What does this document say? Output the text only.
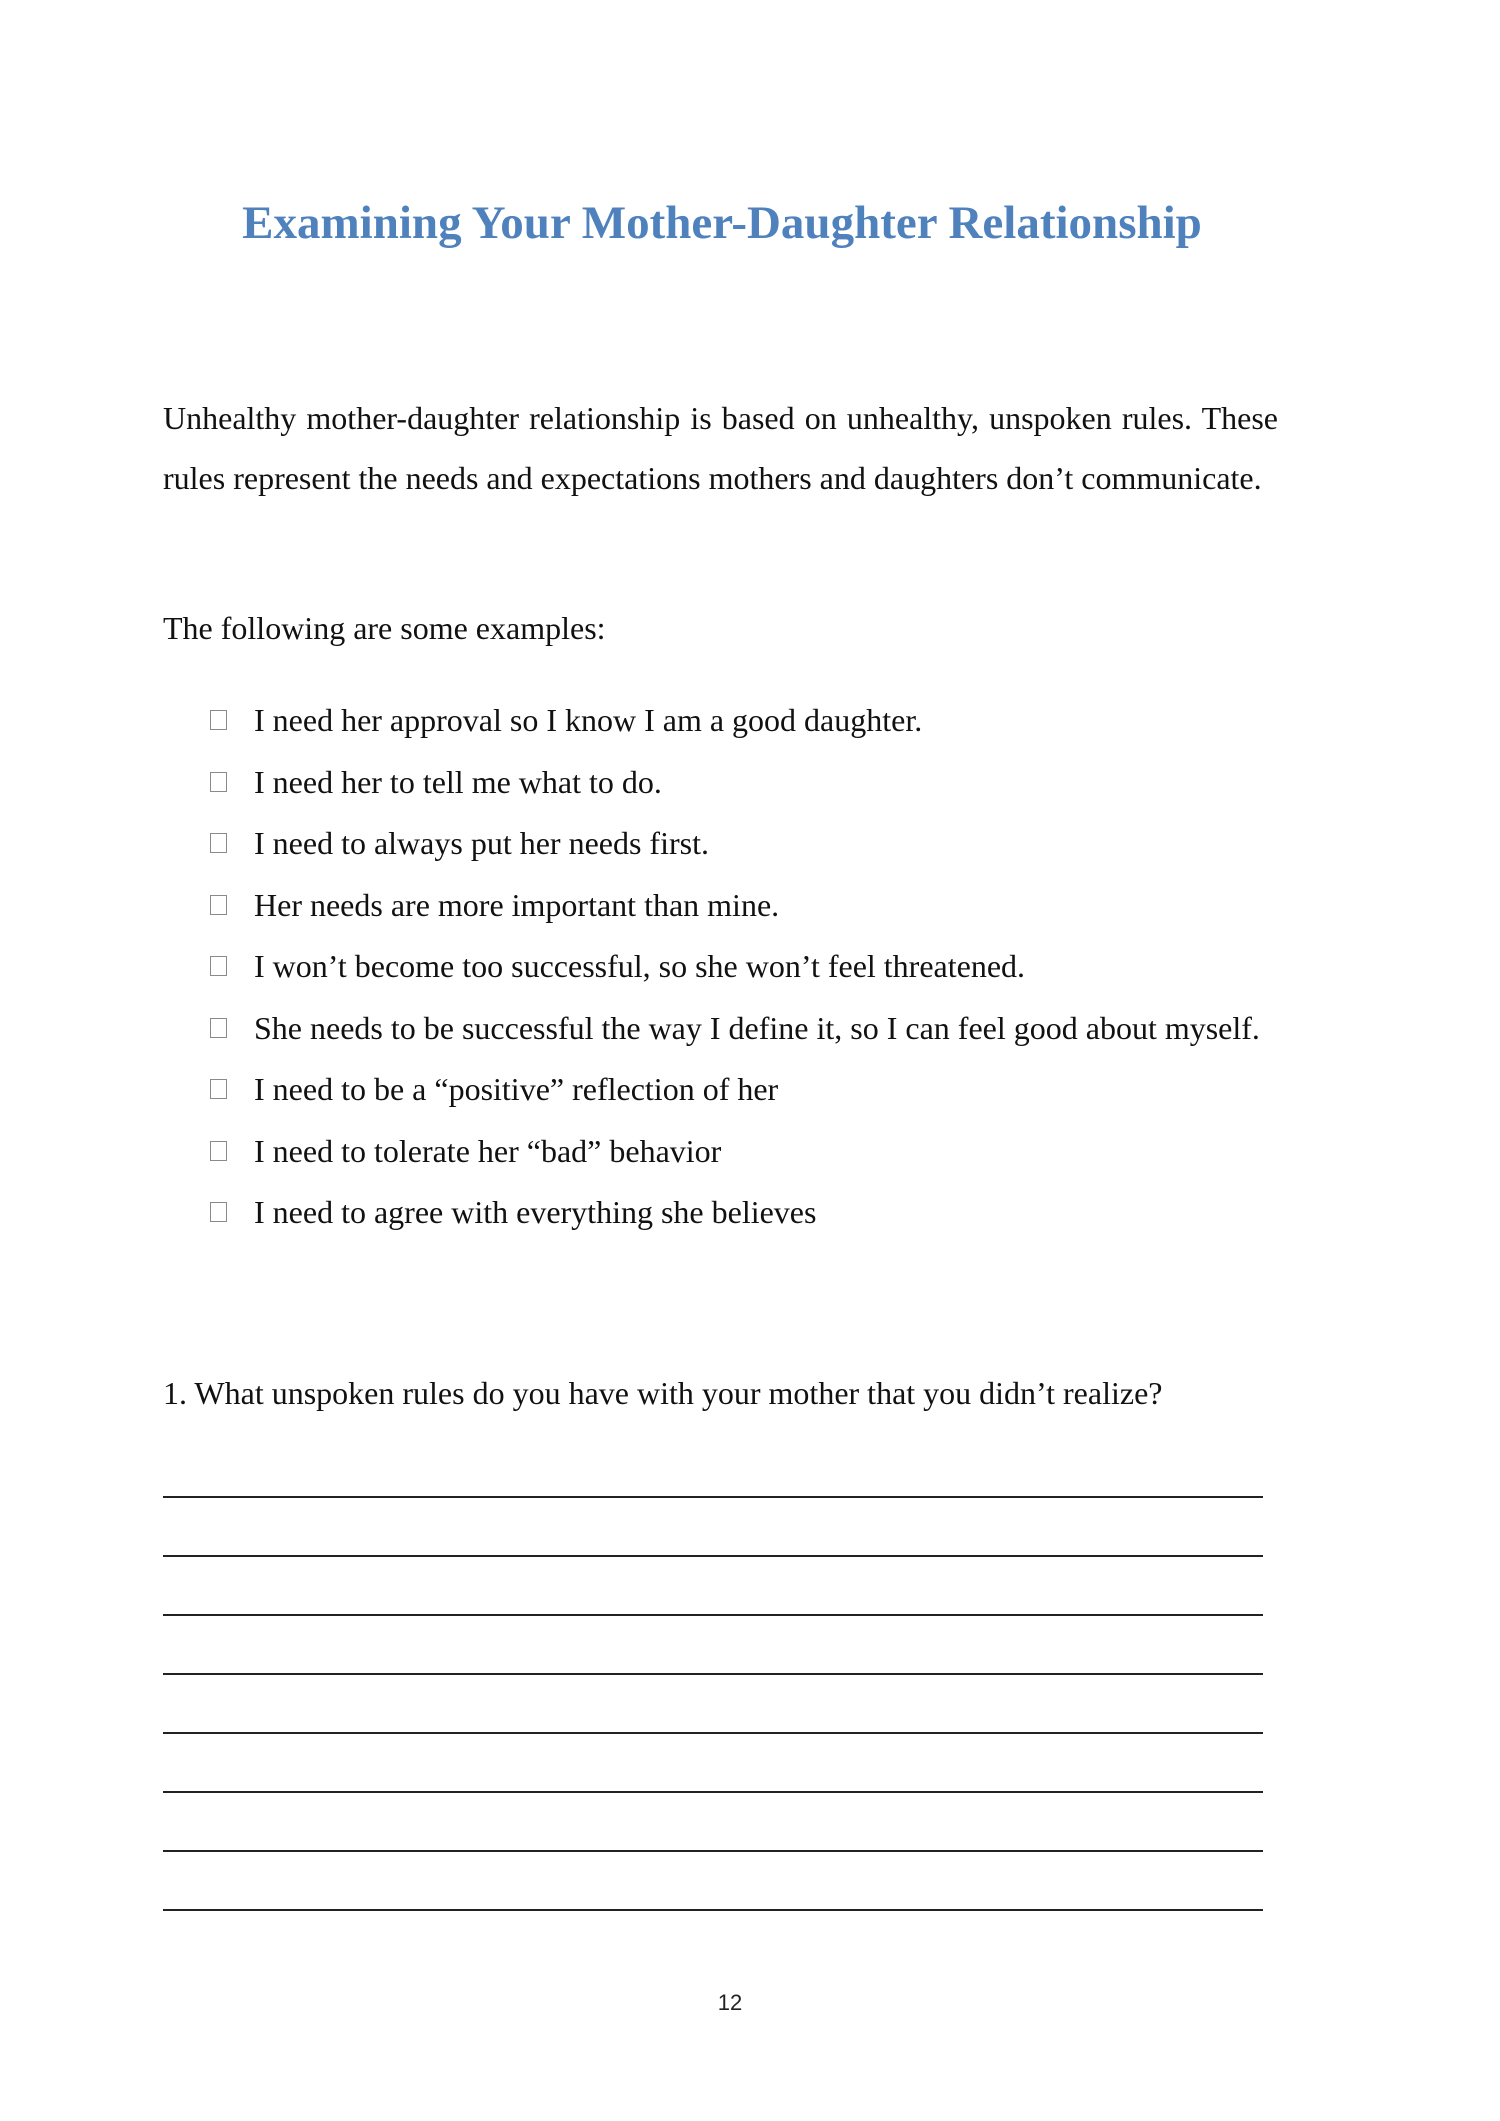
Examining Your Mother-Daughter Relationship

Unhealthy mother-daughter relationship is based on unhealthy, unspoken rules. These rules represent the needs and expectations mothers and daughters don’t communicate.

The following are some examples:

I need her approval so I know I am a good daughter.
I need her to tell me what to do.
I need to always put her needs first.
Her needs are more important than mine.
I won’t become too successful, so she won’t feel threatened.
She needs to be successful the way I define it, so I can feel good about myself.
I need to be a “positive” reflection of her
I need to tolerate her “bad” behavior
I need to agree with everything she believes

1. What unspoken rules do you have with your mother that you didn’t realize?

12
